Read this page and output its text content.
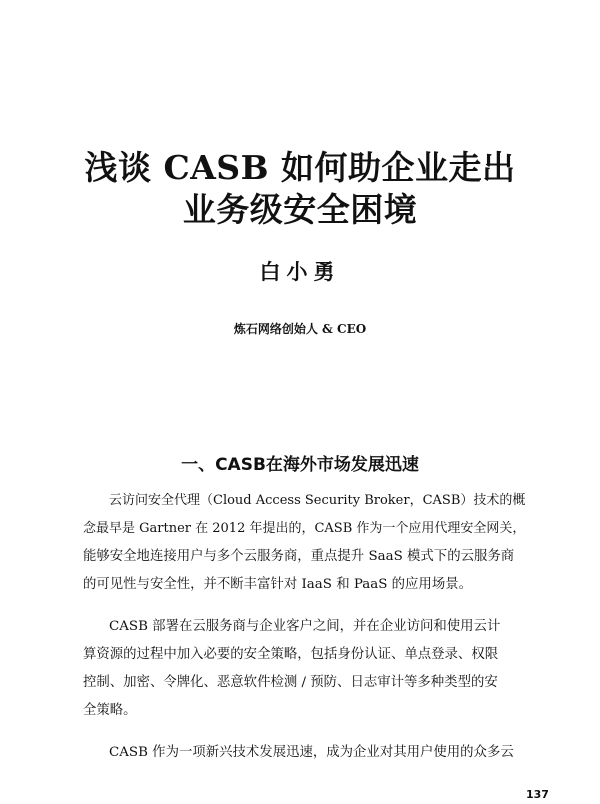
浅谈 CASB 如何助企业走出
业务级安全困境
白小勇
炼石网络创始人 & CEO
一、CASB在海外市场发展迅速
云访问安全代理（Cloud Access Security Broker，CASB）技术的概
念最早是 Gartner 在 2012 年提出的，CASB 作为一个应用代理安全网关，
能够安全地连接用户与多个云服务商，重点提升 SaaS 模式下的云服务商
的可见性与安全性，并不断丰富针对 IaaS 和 PaaS 的应用场景。
CASB 部署在云服务商与企业客户之间，并在企业访问和使用云计
算资源的过程中加入必要的安全策略，包括身份认证、单点登录、权限
控制、加密、令牌化、恶意软件检测 / 预防、日志审计等多种类型的安
全策略。
CASB 作为一项新兴技术发展迅速，成为企业对其用户使用的众多云
137
